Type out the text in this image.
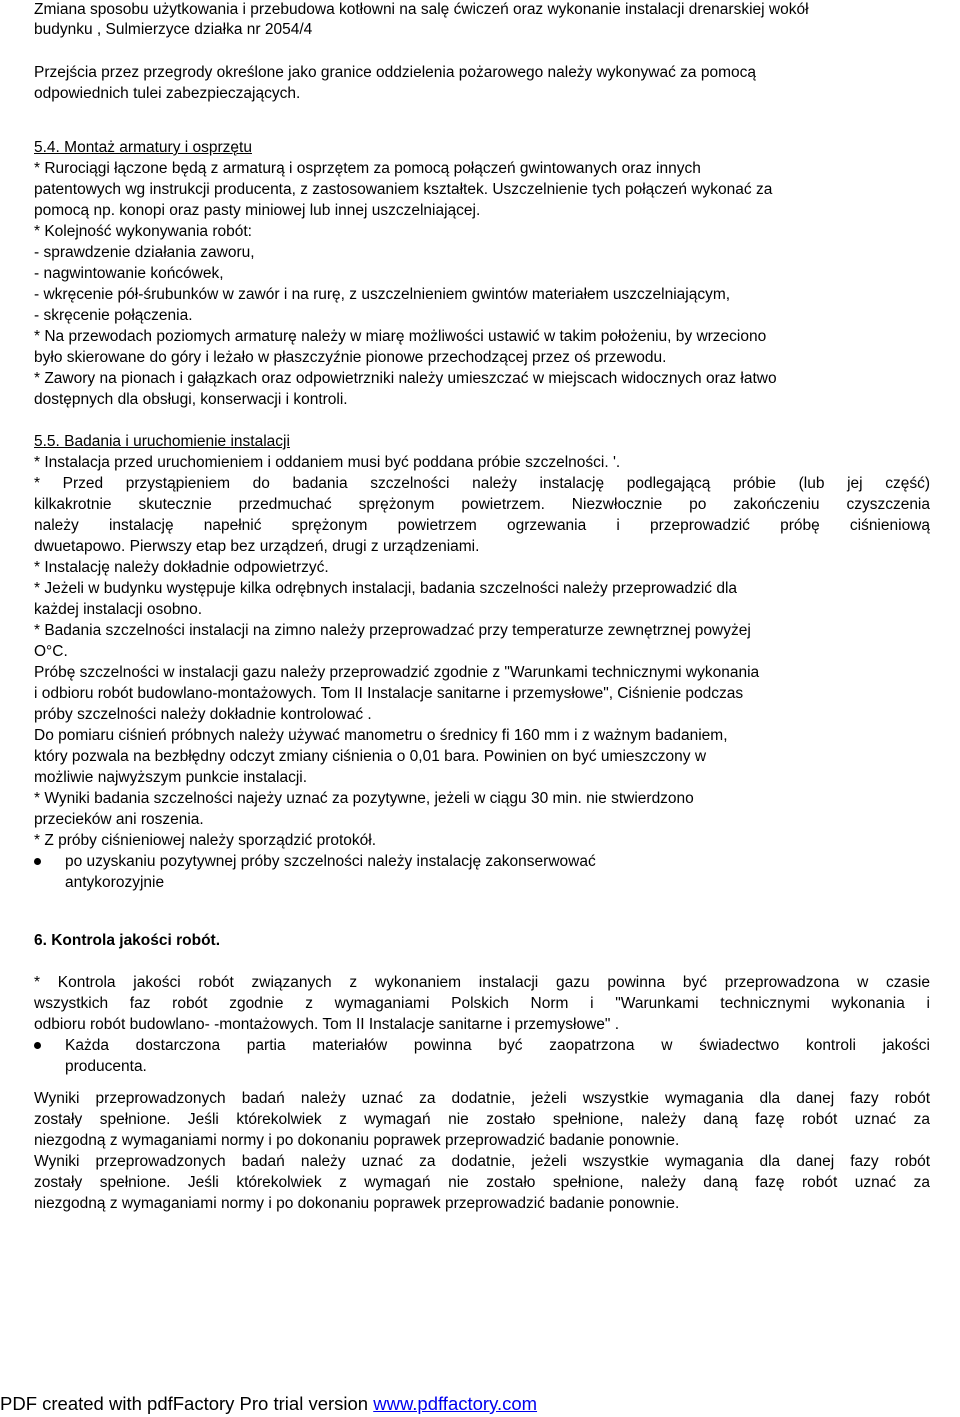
Zmiana sposobu użytkowania i przebudowa kotłowni na salę ćwiczeń oraz wykonanie instalacji drenarskiej wokół
budynku , Sulmierzyce działka nr 2054/4
Przejścia przez przegrody określone jako granice oddzielenia pożarowego należy wykonywać za pomocą
odpowiednich tulei zabezpieczających.
5.4. Montaż armatury i osprzętu
* Rurociągi łączone będą z armaturą i osprzętem za pomocą połączeń gwintowanych oraz innych
patentowych wg instrukcji producenta, z zastosowaniem kształtek. Uszczelnienie tych połączeń wykonać za
pomocą np. konopi oraz pasty miniowej lub innej uszczelniającej.
* Kolejność wykonywania robót:
- sprawdzenie działania zaworu,
- nagwintowanie końcówek,
- wkręcenie pół-śrubunków w zawór i na rurę, z uszczelnieniem gwintów materiałem uszczelniającym,
- skręcenie połączenia.
* Na przewodach poziomych armaturę należy w miarę możliwości ustawić w takim położeniu, by wrzeciono
było skierowane do góry i leżało w płaszczyźnie pionowe przechodzącej przez oś przewodu.
* Zawory na pionach i gałązkach oraz odpowietrzniki należy umieszczać w miejscach widocznych oraz łatwo
dostępnych dla obsługi, konserwacji i kontroli.
5.5. Badania i uruchomienie instalacji
* Instalacja przed uruchomieniem i oddaniem musi być poddana próbie szczelności. '.
* Przed przystąpieniem do badania szczelności należy instalację podlegającą próbie (lub jej część)
kilkakrotnie skutecznie przedmuchać sprężonym powietrzem. Niezwłocznie po zakończeniu czyszczenia
należy instalację napełnić sprężonym powietrzem ogrzewania i przeprowadzić próbę ciśnieniową
dwuetapowo. Pierwszy etap bez urządzeń, drugi z urządzeniami.
* Instalację należy dokładnie odpowietrzyć.
* Jeżeli w budynku występuje kilka odrębnych instalacji, badania szczelności należy przeprowadzić dla
każdej instalacji osobno.
* Badania szczelności instalacji na zimno należy przeprowadzać przy temperaturze zewnętrznej powyżej
O°C.
Próbę szczelności w instalacji gazu należy przeprowadzić zgodnie z "Warunkami technicznymi wykonania
i odbioru robót budowlano-montażowych. Tom II Instalacje sanitarne i przemysłowe", Ciśnienie podczas
próby szczelności należy dokładnie kontrolować .
Do pomiaru ciśnień próbnych należy używać manometru o średnicy fi 160 mm i z ważnym badaniem,
który pozwala na bezbłędny odczyt zmiany ciśnienia o 0,01 bara. Powinien on być umieszczony w
możliwie najwyższym punkcie instalacji.
* Wyniki badania szczelności najeży uznać za pozytywne, jeżeli w ciągu 30 min. nie stwierdzono
przecieków ani roszenia.
* Z próby ciśnieniowej należy sporządzić protokół.
po uzyskaniu pozytywnej próby szczelności należy instalację zakonserwować
antykorozyjnie
6. Kontrola jakości robót.
* Kontrola jakości robót związanych z wykonaniem instalacji gazu powinna być przeprowadzona w czasie
wszystkich faz robót zgodnie z wymaganiami Polskich Norm i "Warunkami technicznymi wykonania i
odbioru robót budowlano- -montażowych. Tom II Instalacje sanitarne i przemysłowe" .
Każda dostarczona partia materiałów powinna być zaopatrzona w świadectwo kontroli jakości
producenta.
Wyniki przeprowadzonych badań należy uznać za dodatnie, jeżeli wszystkie wymagania dla danej fazy robót
zostały spełnione. Jeśli którekolwiek z wymagań nie zostało spełnione, należy daną fazę robót uznać za
niezgodną z wymaganiami normy i po dokonaniu poprawek przeprowadzić badanie ponownie.
Wyniki przeprowadzonych badań należy uznać za dodatnie, jeżeli wszystkie wymagania dla danej fazy robót
zostały spełnione. Jeśli którekolwiek z wymagań nie zostało spełnione, należy daną fazę robót uznać za
niezgodną z wymaganiami normy i po dokonaniu poprawek przeprowadzić badanie ponownie.
PDF created with pdfFactory Pro trial version www.pdffactory.com
